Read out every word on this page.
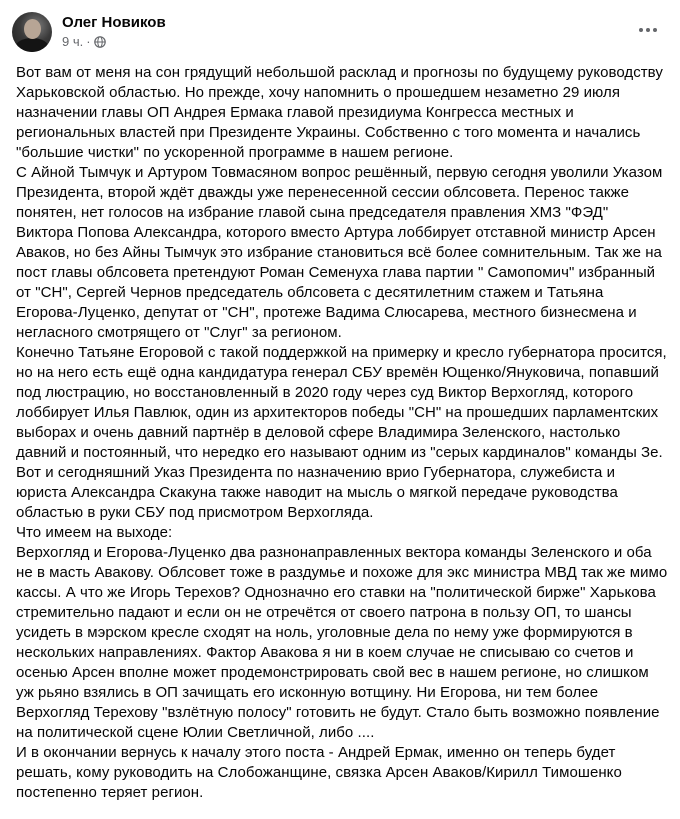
Олег Новиков
9 ч. ·

Вот вам от меня на сон грядущий небольшой расклад и прогнозы по будущему руководству Харьковской областью. Но прежде, хочу напомнить о прошедшем незаметно 29 июля назначении главы ОП Андрея Ермака главой президиума Конгресса местных и региональных властей при Президенте Украины. Собственно с того момента и начались "большие чистки" по ускоренной программе в нашем регионе.

С Айной Тымчук и Артуром Товмасяном вопрос решённый, первую сегодня уволили Указом Президента, второй ждёт дважды уже перенесенной сессии облсовета. Перенос также понятен, нет голосов на избрание главой сына председателя правления ХМЗ "ФЭД" Виктора Попова Александра, которого вместо Артура лоббирует отставной министр Арсен Аваков, но без Айны Тымчук это избрание становиться всё более сомнительным. Так же на пост главы облсовета претендуют Роман Семенуха глава партии " Самопомич" избранный от "СН", Сергей Чернов председатель облсовета с десятилетним стажем и Татьяна Егорова-Луценко, депутат от "СН", протеже Вадима Слюсарева, местного бизнесмена и негласного смотрящего от "Слуг" за регионом.

Конечно Татьяне Егоровой с такой поддержкой на примерку и кресло губернатора просится, но на него есть ещё одна кандидатура генерал СБУ времён Ющенко/Януковича, попавший под люстрацию, но восстановленный в 2020 году через суд Виктор Верхогляд, которого лоббирует Илья Павлюк, один из архитекторов победы "СН" на прошедших парламентских выборах и очень давний партнёр в деловой сфере Владимира Зеленского, настолько давний и постоянный, что нередко его называют одним из "серых кардиналов" команды Зе. Вот и сегодняшний Указ Президента по назначению врио Губернатора, служебиста и юриста Александра Скакуна также наводит на мысль о мягкой передаче руководства областью в руки СБУ под присмотром Верхогляда.

Что имеем на выходе:

Верхогляд и Егорова-Луценко два разнонаправленных вектора команды Зеленского и оба не в масть Авакову. Облсовет тоже в раздумье и похоже для экс министра МВД так же мимо кассы. А что же Игорь Терехов? Однозначно его ставки на "политической бирже" Харькова стремительно падают и если он не отречётся от своего патрона в пользу ОП, то шансы усидеть в мэрском кресле сходят на ноль, уголовные дела по нему уже формируются в нескольких направлениях. Фактор Авакова я ни в коем случае не списываю со счетов и осенью Арсен вполне может продемонстрировать свой вес в нашем регионе, но слишком уж рьяно взялись в ОП зачищать его исконную вотщину. Ни Егорова, ни тем более Верхогляд Терехову "взлётную полосу" готовить не будут. Стало быть возможно появление на политической сцене Юлии Светличной, либо ....

И в окончании вернусь к началу этого поста - Андрей Ермак, именно он теперь будет решать, кому руководить на Слобожанщине, связка Арсен Аваков/Кирилл Тимошенко постепенно теряет регион.
